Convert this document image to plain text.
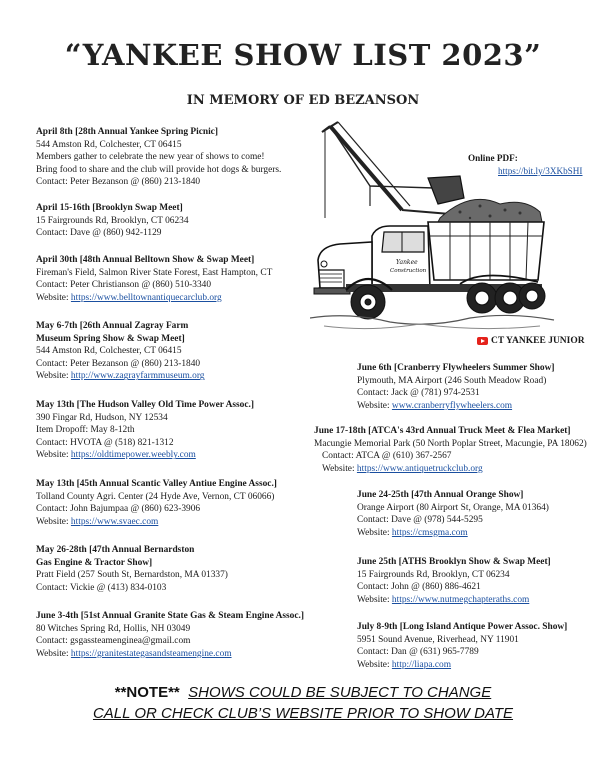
“YANKEE SHOW LIST 2023”
IN MEMORY OF ED BEZANSON
April 8th [28th Annual Yankee Spring Picnic]
544 Amston Rd, Colchester, CT 06415
Members gather to celebrate the new year of shows to come!
Bring food to share and the club will provide hot dogs & burgers.
Contact: Peter Bezanson @ (860) 213-1840
April 15-16th [Brooklyn Swap Meet]
15 Fairgrounds Rd, Brooklyn, CT 06234
Contact: Dave @ (860) 942-1129
April 30th [48th Annual Belltown Show & Swap Meet]
Fireman's Field, Salmon River State Forest, East Hampton, CT
Contact: Peter Christianson @ (860) 510-3340
Website: https://www.belltownantiquecarclub.org
May 6-7th [26th Annual Zagray Farm
Museum Spring Show & Swap Meet]
544 Amston Rd, Colchester, CT 06415
Contact: Peter Bezanson @ (860) 213-1840
Website: http://www.zagrayfarmmuseum.org
May 13th [The Hudson Valley Old Time Power Assoc.]
390 Fingar Rd, Hudson, NY 12534
Item Dropoff: May 8-12th
Contact: HVOTA @ (518) 821-1312
Website: https://oldtimepower.weebly.com
May 13th [45th Annual Scantic Valley Antiue Engine Assoc.]
Tolland County Agri. Center (24 Hyde Ave, Vernon, CT 06066)
Contact: John Bajumpaa @ (860) 623-3906
Website: https://www.svaec.com
May 26-28th [47th Annual Bernardston
Gas Engine & Tractor Show]
Pratt Field (257 South St, Bernardston, MA 01337)
Contact: Vickie @ (413) 834-0103
June 3-4th [51st Annual Granite State Gas & Steam Engine Assoc.]
80 Witches Spring Rd, Hollis, NH 03049
Contact: gsgassteamenginea@gmail.com
Website: https://granitestategasandsteamengine.com
Online PDF:
https://bit.ly/3XKbSHI
Yankee
Construction
CT YANKEE JUNIOR
June 6th [Cranberry Flywheelers Summer Show]
Plymouth, MA Airport (246 South Meadow Road)
Contact: Jack @ (781) 974-2531
Website: www.cranberryflywheelers.com
June 17-18th [ATCA's 43rd Annual Truck Meet & Flea Market]
Macungie Memorial Park (50 North Poplar Street, Macungie, PA 18062)
Contact: ATCA @ (610) 367-2567
Website: https://www.antiquetruckclub.org
June 24-25th [47th Annual Orange Show]
Orange Airport (80 Airport St, Orange, MA 01364)
Contact: Dave @ (978) 544-5295
Website: https://cmsgma.com
June 25th [ATHS Brooklyn Show & Swap Meet]
15 Fairgrounds Rd, Brooklyn, CT 06234
Contact: John @ (860) 886-4621
Website: https://www.nutmegchapteraths.com
July 8-9th [Long Island Antique Power Assoc. Show]
5951 Sound Avenue, Riverhead, NY 11901
Contact: Dan @ (631) 965-7789
Website: http://liapa.com
**NOTE** SHOWS COULD BE SUBJECT TO CHANGE
CALL OR CHECK CLUB’S WEBSITE PRIOR TO SHOW DATE
